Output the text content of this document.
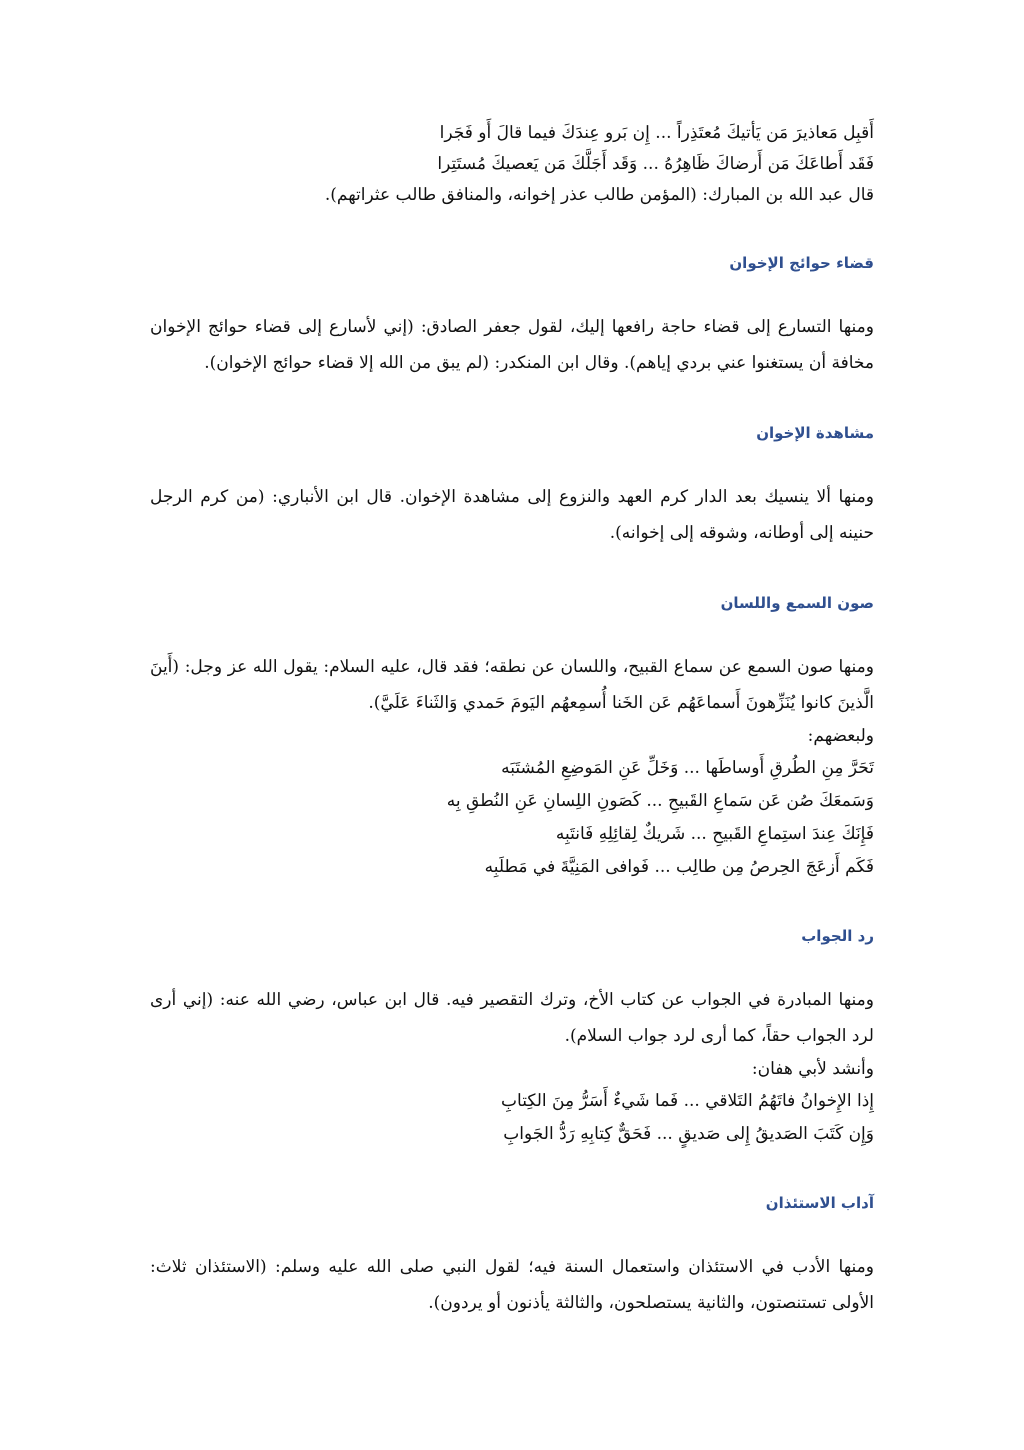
أَقبِل مَعاذيرَ مَن يَأتيكَ مُعتَذِراً ... إِن بَرو عِندَكَ فيما قالَ أَو فَجَرا

فَقَد أَطاعَكَ مَن أَرضاكَ ظَاهِرُهُ ... وَقَد أَجَلَّكَ مَن يَعصيكَ مُستَتِرا

قال عبد الله بن المبارك: (المؤمن طالب عذر إخوانه، والمنافق طالب عثراتهم).

قضاء حوائج الإخوان

ومنها التسارع إلى قضاء حاجة رافعها إليك، لقول جعفر الصادق: (إني لأسارع إلى قضاء حوائج الإخوان مخافة أن يستغنوا عني بردي إياهم). وقال ابن المنكدر: (لم يبق من الله إلا قضاء حوائج الإخوان).

مشاهدة الإخوان

ومنها ألا ينسيك بعد الدار كرم العهد والنزوع إلى مشاهدة الإخوان. قال ابن الأنباري: (من كرم الرجل حنينه إلى أوطانه، وشوقه إلى إخوانه).

صون السمع واللسان

ومنها صون السمع عن سماع القبيح، واللسان عن نطقه؛ فقد قال، عليه السلام: يقول الله عز وجل: (أَينَ الَّذينَ كانوا يُنَزِّهونَ أَسماعَهُم عَن الخَنا أُسمِعهُم اليَومَ حَمدي وَالثَناءَ عَلَيَّ).

ولبعضهم:

تَحَرَّ مِنِ الطُرقِ أَوساطَها ... وَخَلِّ عَنِ المَوضِعِ المُشتَبَه

وَسَمعَكَ صُن عَن سَماعِ القَبيحِ ... كَصَونِ اللِسانِ عَنِ النُطقِ بِه

فَإِنَكَ عِندَ استِماعِ القَبيحِ ... شَريكٌ لِقائِلِهِ فَانتَبِه

فَكَم أَزعَجَ الحِرصُ مِن طالِب ... فَوافى المَنِيَّةَ في مَطلَبِه

رد الجواب

ومنها المبادرة في الجواب عن كتاب الأخ، وترك التقصير فيه. قال ابن عباس، رضي الله عنه: (إني أرى لرد الجواب حقاً، كما أرى لرد جواب السلام).

وأنشد لأبي هفان:

إِذا الإِخوانُ فاتَهُمُ التَلاقي ... فَما شَيءٌ أَسَرُّ مِنَ الكِتابِ

وَإِن كَتَبَ الصَديقُ إِلى صَديقٍ ... فَحَقٌّ كِتابِهِ رَدُّ الجَوابِ

آداب الاستئذان

ومنها الأدب في الاستئذان واستعمال السنة فيه؛ لقول النبي صلى الله عليه وسلم: (الاستئذان ثلاث: الأولى تستنصتون، والثانية يستصلحون، والثالثة يأذنون أو يردون).
